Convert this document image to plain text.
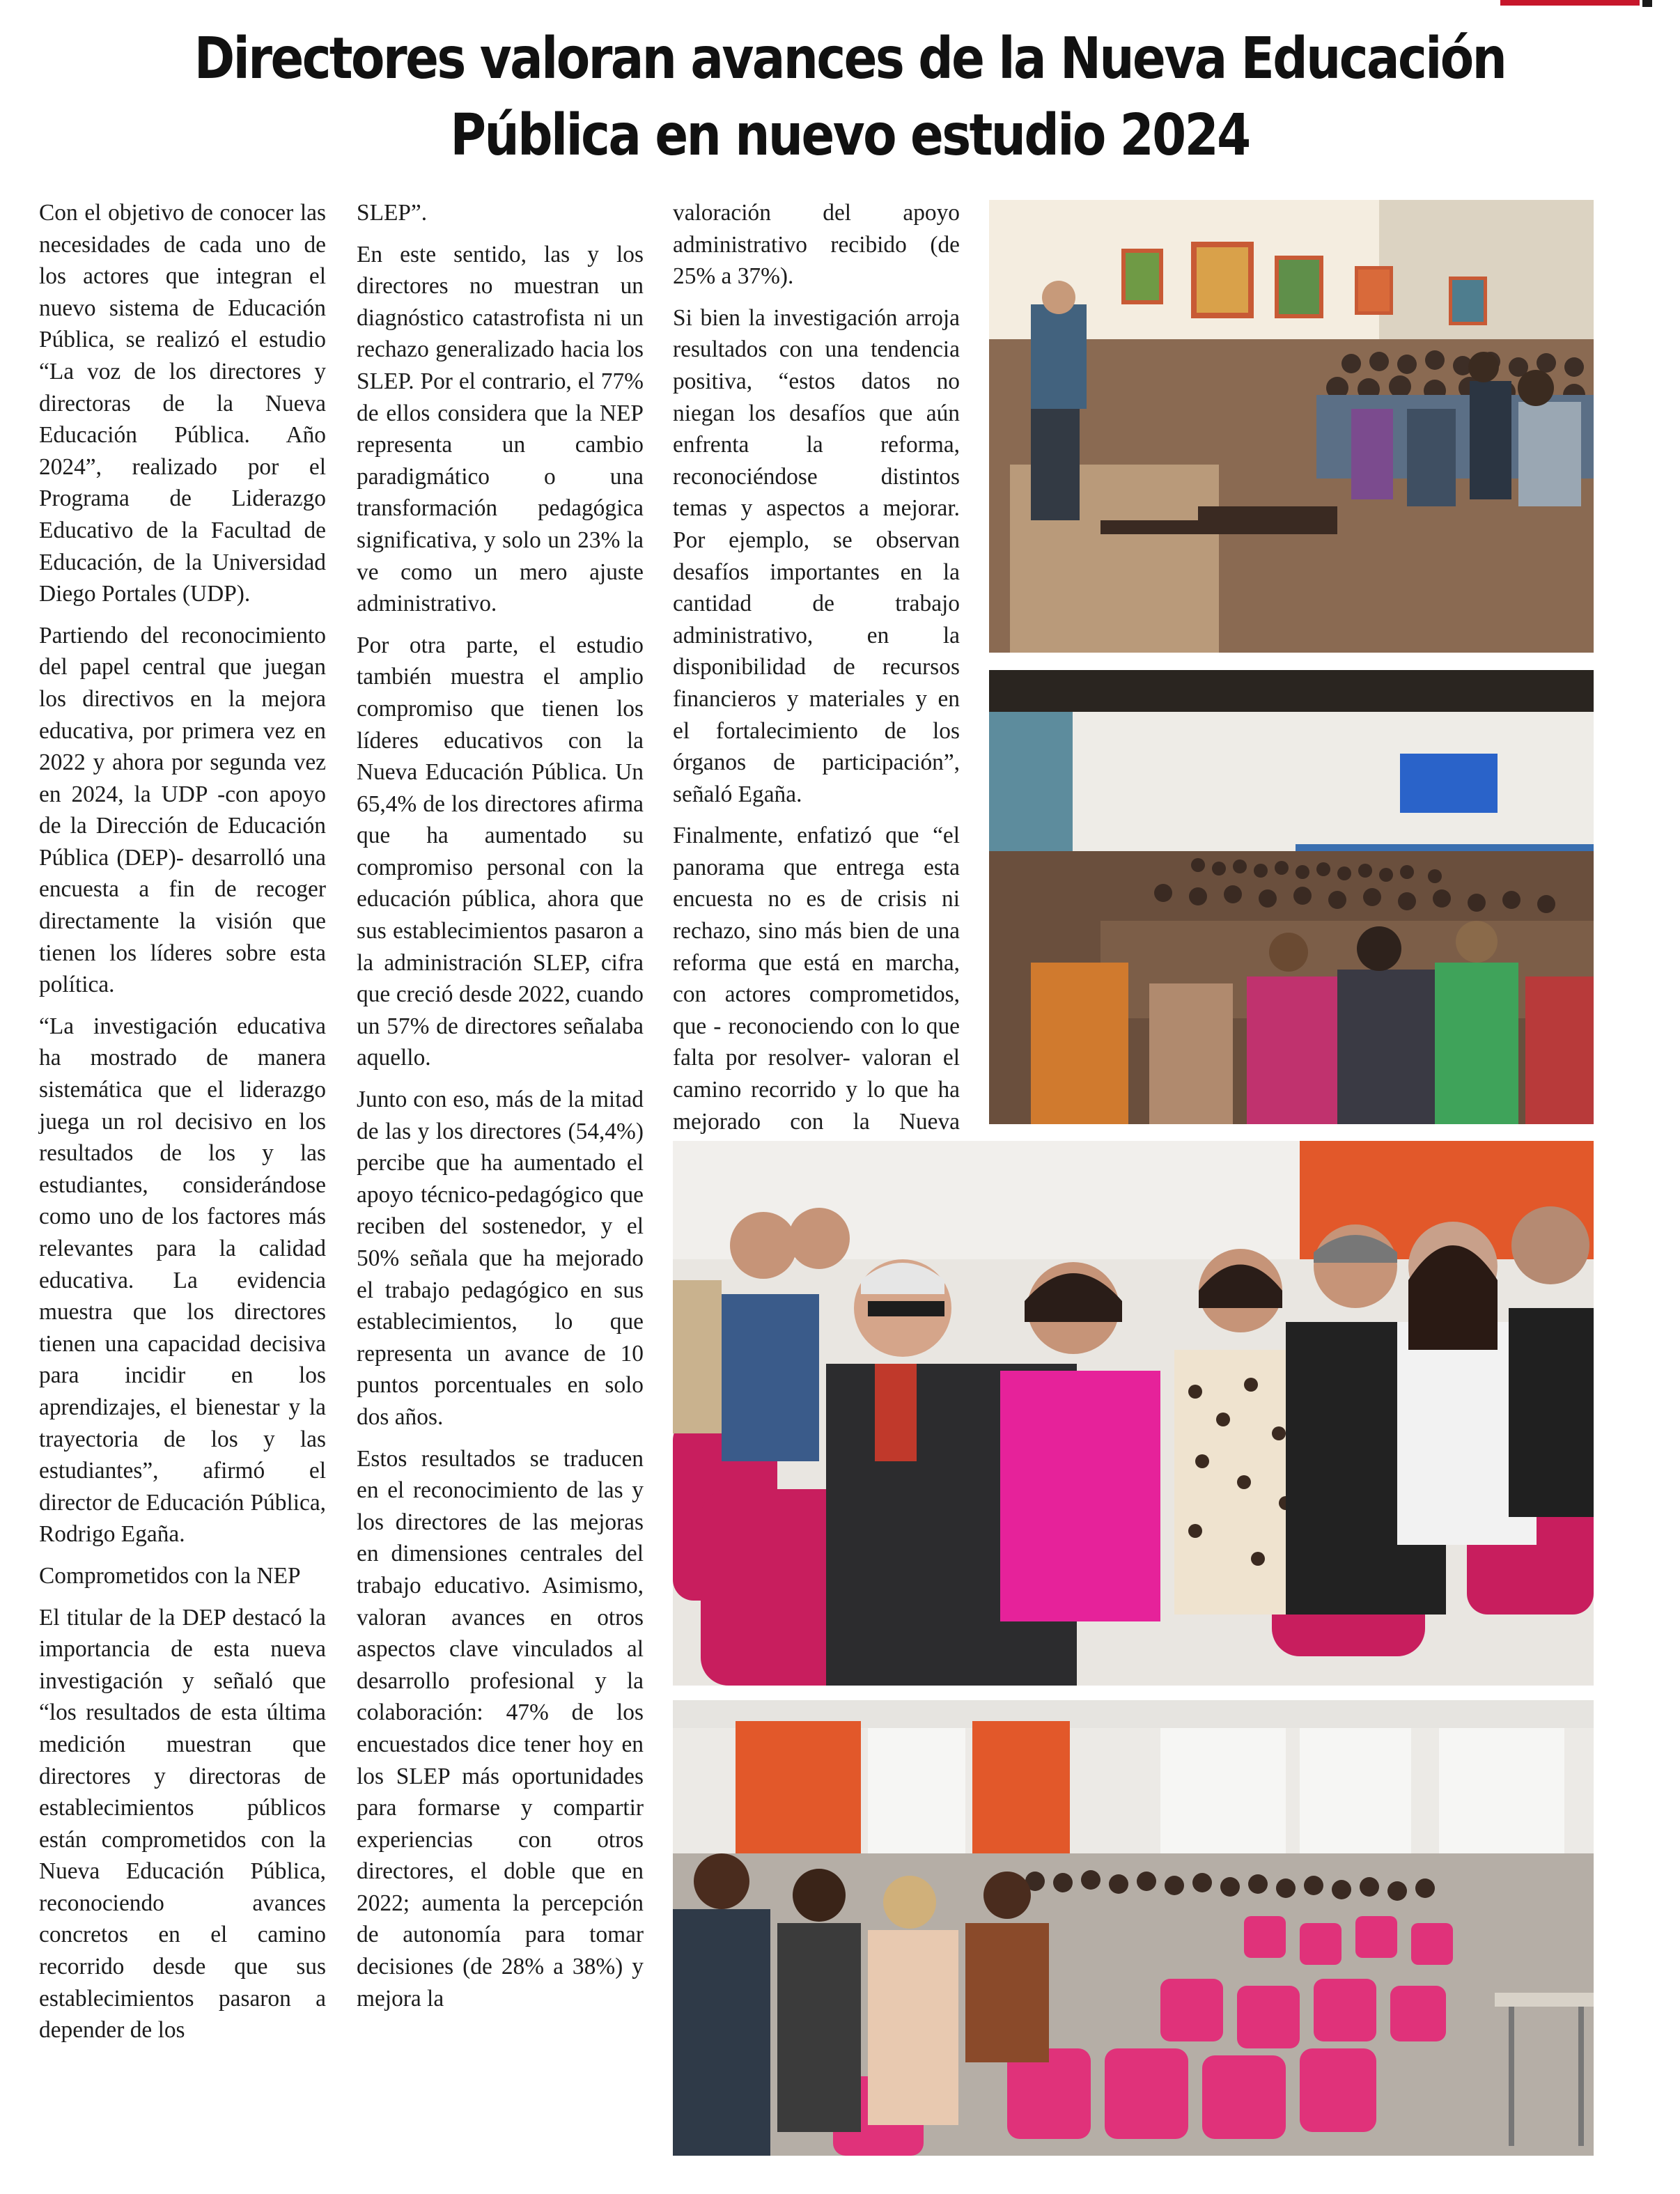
Directores valoran avances de la Nueva Educación
Pública en nuevo estudio 2024

Con el objetivo de conocer las necesidades de cada uno de los actores que integran el nuevo sistema de Educación Pública, se realizó el estudio “La voz de los directores y directoras de la Nueva Educación Pública. Año 2024”, realizado por el Programa de Liderazgo Educativo de la Facultad de Educación, de la Universidad Diego Portales (UDP).

Partiendo del reconocimiento del papel central que juegan los directivos en la mejora educativa, por primera vez en 2022 y ahora por segunda vez en 2024, la UDP -con apoyo de la Dirección de Educación Pública (DEP)- desarrolló una encuesta a fin de recoger directamente la visión que tienen los líderes sobre esta política.

“La investigación educativa ha mostrado de manera sistemática que el liderazgo juega un rol decisivo en los resultados de los y las estudiantes, considerándose como uno de los factores más relevantes para la calidad educativa. La evidencia muestra que los directores tienen una capacidad decisiva para incidir en los aprendizajes, el bienestar y la trayectoria de los y las estudiantes”, afirmó el director de Educación Pública, Rodrigo Egaña.

Comprometidos con la NEP

El titular de la DEP destacó la importancia de esta nueva investigación y señaló que “los resultados de esta última medición muestran que directores y directoras de establecimientos públicos están comprometidos con la Nueva Educación Pública, reconociendo avances concretos en el camino recorrido desde que sus establecimientos pasaron a depender de los

SLEP”.

En este sentido, las y los directores no muestran un diagnóstico catastrofista ni un rechazo generalizado hacia los SLEP. Por el contrario, el 77% de ellos considera que la NEP representa un cambio paradigmático o una transformación pedagógica significativa, y solo un 23% la ve como un mero ajuste administrativo.

Por otra parte, el estudio también muestra el amplio compromiso que tienen los líderes educativos con la Nueva Educación Pública. Un 65,4% de los directores afirma que ha aumentado su compromiso personal con la educación pública, ahora que sus establecimientos pasaron a la administración SLEP, cifra que creció desde 2022, cuando un 57% de directores señalaba aquello.

Junto con eso, más de la mitad de las y los directores (54,4%) percibe que ha aumentado el apoyo técnico-pedagógico que reciben del sostenedor, y el 50% señala que ha mejorado el trabajo pedagógico en sus establecimientos, lo que representa un avance de 10 puntos porcentuales en solo dos años.

Estos resultados se traducen en el reconocimiento de las y los directores de las mejoras en dimensiones centrales del trabajo educativo. Asimismo, valoran avances en otros aspectos clave vinculados al desarrollo profesional y la colaboración: 47% de los encuestados dice tener hoy en los SLEP más oportunidades para formarse y compartir experiencias con otros directores, el doble que en 2022; aumenta la percepción de autonomía para tomar decisiones (de 28% a 38%) y mejora la

valoración del apoyo administrativo recibido (de 25% a 37%).

Si bien la investigación arroja resultados con una tendencia positiva, “estos datos no niegan los desafíos que aún enfrenta la reforma, reconociéndose distintos temas y aspectos a mejorar. Por ejemplo, se observan desafíos importantes en la cantidad de trabajo administrativo, en la disponibilidad de recursos financieros y materiales y en el fortalecimiento de los órganos de participación”, señaló Egaña.

Finalmente, enfatizó que “el panorama que entrega esta encuesta no es de crisis ni rechazo, sino más bien de una reforma que está en marcha, con actores comprometidos, que - reconociendo con lo que falta por resolver- valoran el camino recorrido y lo que ha mejorado con la Nueva
